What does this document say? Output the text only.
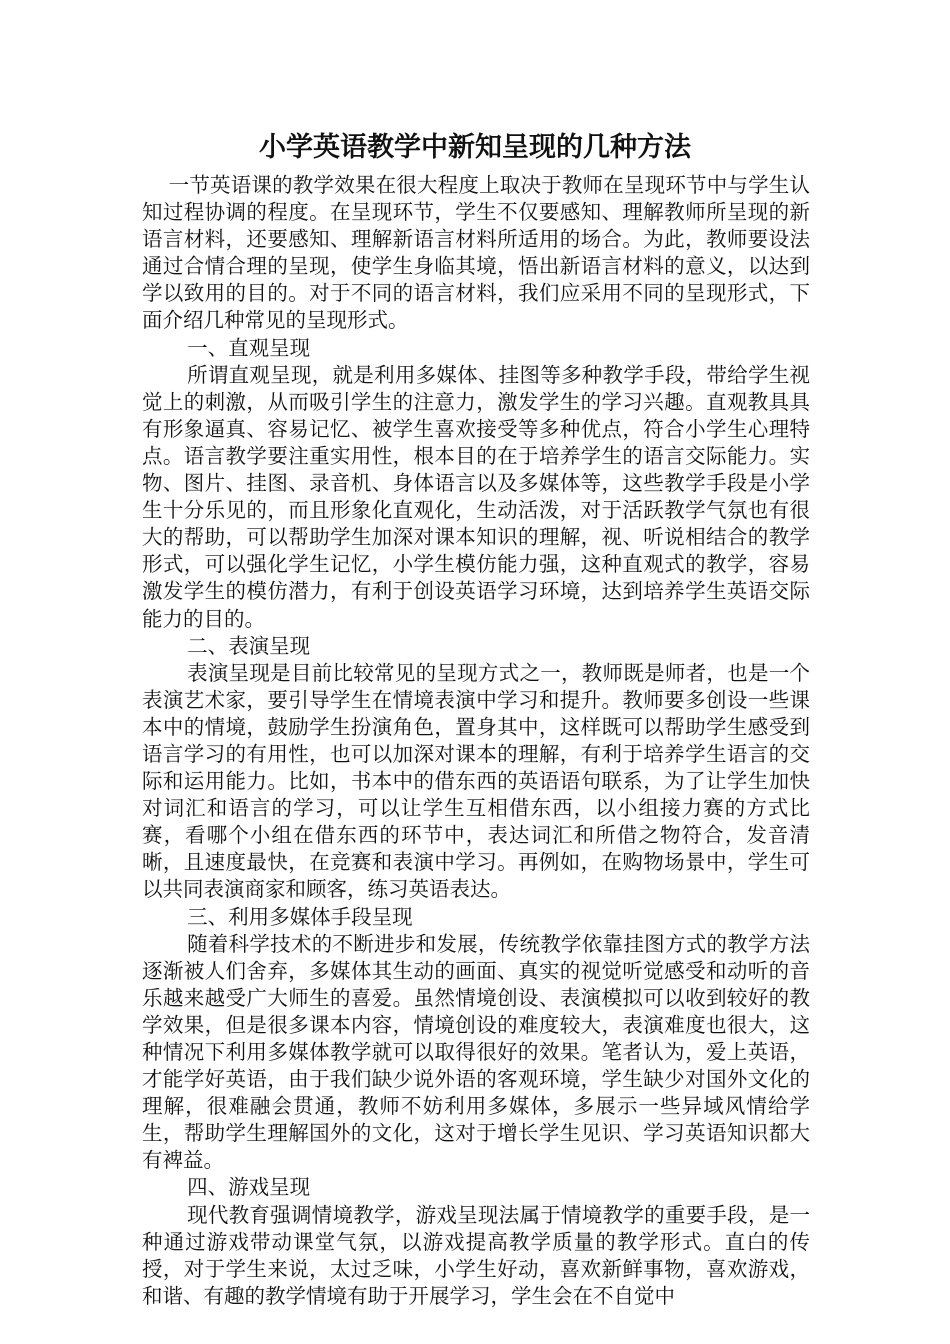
小学英语教学中新知呈现的几种方法

一节英语课的教学效果在很大程度上取决于教师在呈现环节中与学生认知过程协调的程度。在呈现环节，学生不仅要感知、理解教师所呈现的新语言材料，还要感知、理解新语言材料所适用的场合。为此，教师要设法通过合情合理的呈现，使学生身临其境，悟出新语言材料的意义，以达到学以致用的目的。对于不同的语言材料，我们应采用不同的呈现形式，下面介绍几种常见的呈现形式。

一、直观呈现

所谓直观呈现，就是利用多媒体、挂图等多种教学手段，带给学生视觉上的刺激，从而吸引学生的注意力，激发学生的学习兴趣。直观教具具有形象逼真、容易记忆、被学生喜欢接受等多种优点，符合小学生心理特点。语言教学要注重实用性，根本目的在于培养学生的语言交际能力。实物、图片、挂图、录音机、身体语言以及多媒体等，这些教学手段是小学生十分乐见的，而且形象化直观化，生动活泼，对于活跃教学气氛也有很大的帮助，可以帮助学生加深对课本知识的理解，视、听说相结合的教学形式，可以强化学生记忆，小学生模仿能力强，这种直观式的教学，容易激发学生的模仿潜力，有利于创设英语学习环境，达到培养学生英语交际能力的目的。

二、表演呈现

表演呈现是目前比较常见的呈现方式之一，教师既是师者，也是一个表演艺术家，要引导学生在情境表演中学习和提升。教师要多创设一些课本中的情境，鼓励学生扮演角色，置身其中，这样既可以帮助学生感受到语言学习的有用性，也可以加深对课本的理解，有利于培养学生语言的交际和运用能力。比如，书本中的借东西的英语语句联系，为了让学生加快对词汇和语言的学习，可以让学生互相借东西，以小组接力赛的方式比赛，看哪个小组在借东西的环节中，表达词汇和所借之物符合，发音清晰，且速度最快，在竞赛和表演中学习。再例如，在购物场景中，学生可以共同表演商家和顾客，练习英语表达。

三、利用多媒体手段呈现

随着科学技术的不断进步和发展，传统教学依靠挂图方式的教学方法逐渐被人们舍弃，多媒体其生动的画面、真实的视觉听觉感受和动听的音乐越来越受广大师生的喜爱。虽然情境创设、表演模拟可以收到较好的教学效果，但是很多课本内容，情境创设的难度较大，表演难度也很大，这种情况下利用多媒体教学就可以取得很好的效果。笔者认为，爱上英语，才能学好英语，由于我们缺少说外语的客观环境，学生缺少对国外文化的理解，很难融会贯通，教师不妨利用多媒体，多展示一些异域风情给学生，帮助学生理解国外的文化，这对于增长学生见识、学习英语知识都大有裨益。

四、游戏呈现

现代教育强调情境教学，游戏呈现法属于情境教学的重要手段，是一种通过游戏带动课堂气氛，以游戏提高教学质量的教学形式。直白的传授，对于学生来说，太过乏味，小学生好动，喜欢新鲜事物，喜欢游戏，和谐、有趣的教学情境有助于开展学习，学生会在不自觉中
